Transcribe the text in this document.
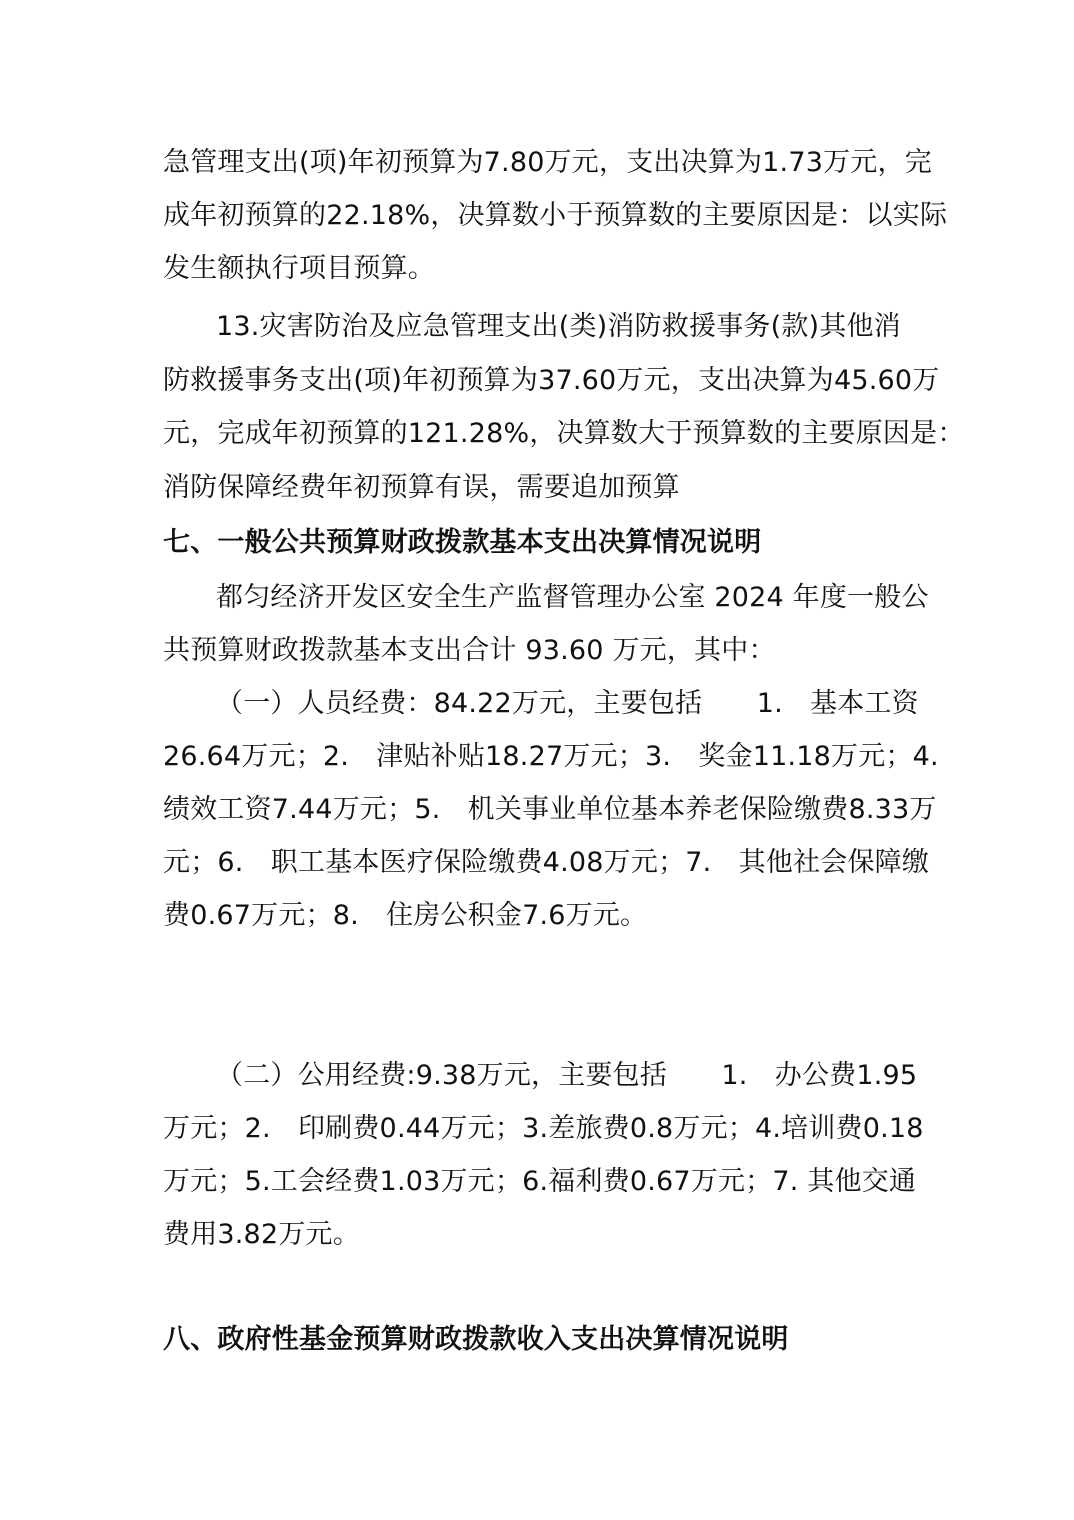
急管理支出(项)年初预算为7.80万元，支出决算为1.73万元，完
成年初预算的22.18%，决算数小于预算数的主要原因是：以实际
发生额执行项目预算。
13.灾害防治及应急管理支出(类)消防救援事务(款)其他消
防救援事务支出(项)年初预算为37.60万元，支出决算为45.60万
元，完成年初预算的121.28%，决算数大于预算数的主要原因是：
消防保障经费年初预算有误，需要追加预算
七、一般公共预算财政拨款基本支出决算情况说明
都匀经济开发区安全生产监督管理办公室 2024 年度一般公
共预算财政拨款基本支出合计 93.60 万元，其中：
（一）人员经费：84.22万元，主要包括　　1.　基本工资
26.64万元；2.　津贴补贴18.27万元；3.　奖金11.18万元；4.
绩效工资7.44万元；5.　机关事业单位基本养老保险缴费8.33万
元；6.　职工基本医疗保险缴费4.08万元；7.　其他社会保障缴
费0.67万元；8.　住房公积金7.6万元。
（二）公用经费:9.38万元，主要包括　　1.　办公费1.95
万元；2.　印刷费0.44万元；3.差旅费0.8万元；4.培训费0.18
万元；5.工会经费1.03万元；6.福利费0.67万元；7. 其他交通
费用3.82万元。
八、政府性基金预算财政拨款收入支出决算情况说明
